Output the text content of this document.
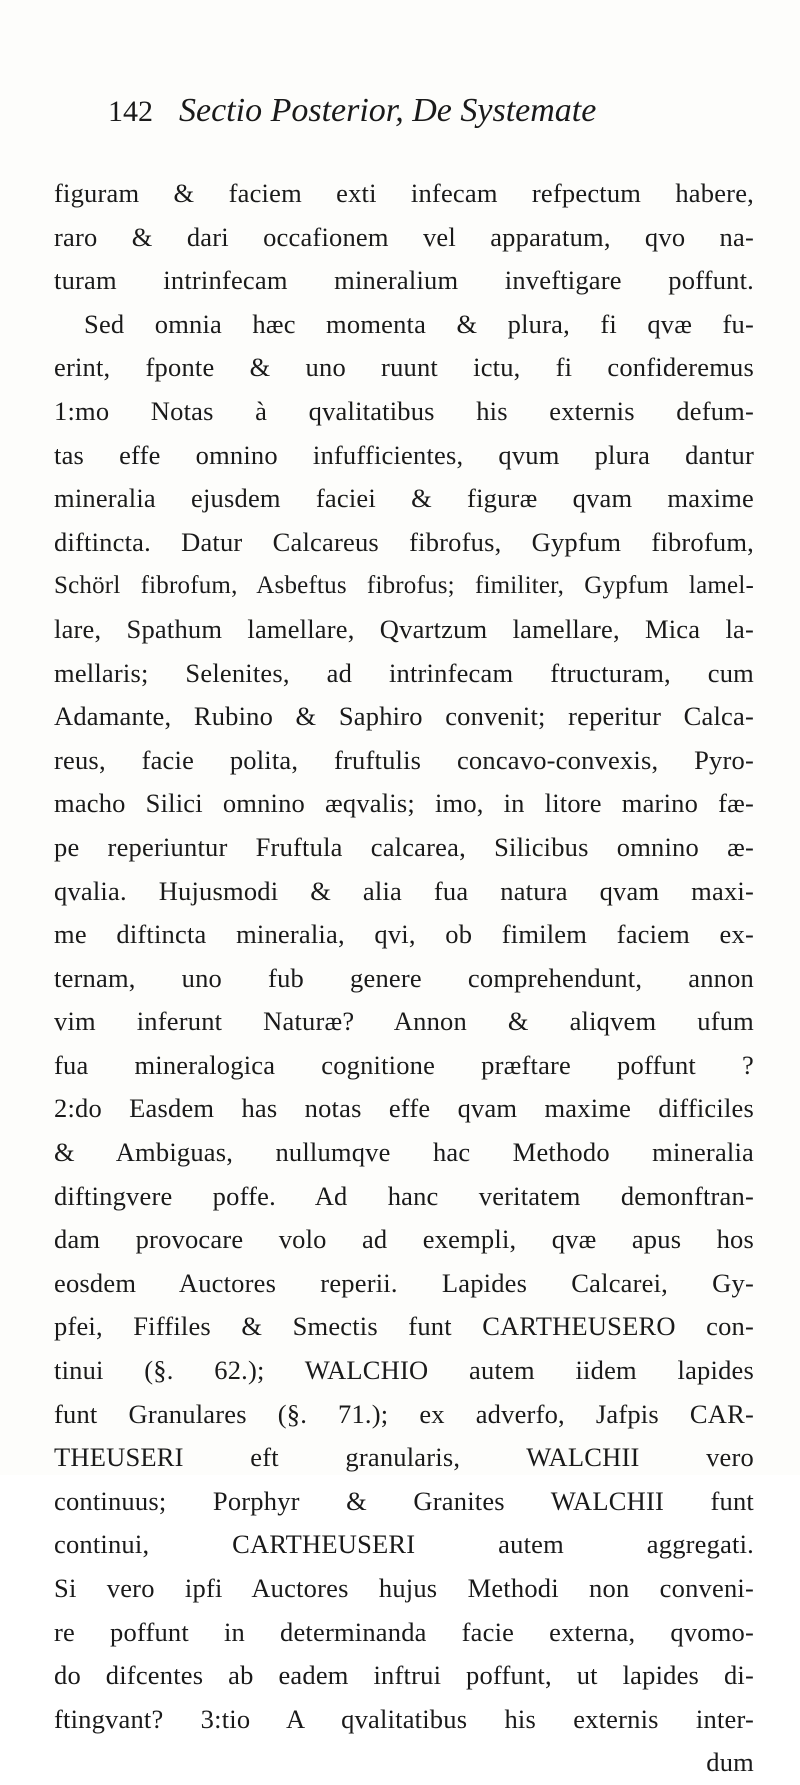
142 Sectio Posterior, De Systemate
figuram & faciem exti infecam refpectum habere,
raro & dari occafionem vel apparatum, qvo na-
turam intrinfecam mineralium inveftigare poffunt.
Sed omnia hæc momenta & plura, fi qvæ fu-
erint, fponte & uno ruunt ictu, fi confideremus
1:mo Notas à qvalitatibus his externis defum-
tas effe omnino infufficientes, qvum plura dantur
mineralia ejusdem faciei & figuræ qvam maxime
diftincta. Datur Calcareus fibrofus, Gypfum fibrofum,
Schörl fibrofum, Asbeftus fibrofus; fimiliter, Gypfum lamel-
lare, Spathum lamellare, Qvartzum lamellare, Mica la-
mellaris; Selenites, ad intrinfecam ftructuram, cum
Adamante, Rubino & Saphiro convenit; reperitur Calca-
reus, facie polita, fruftulis concavo-convexis, Pyro-
macho Silici omnino æqvalis; imo, in litore marino fæ-
pe reperiuntur Fruftula calcarea, Silicibus omnino æ-
qvalia. Hujusmodi & alia fua natura qvam maxi-
me diftincta mineralia, qvi, ob fimilem faciem ex-
ternam, uno fub genere comprehendunt, annon
vim inferunt Naturæ? Annon & aliqvem ufum
fua mineralogica cognitione præftare poffunt ?
2:do Easdem has notas effe qvam maxime difficiles
& Ambiguas, nullumqve hac Methodo mineralia
diftingvere poffe. Ad hanc veritatem demonftran-
dam provocare volo ad exempli, qvæ apus hos
eosdem Auctores reperii. Lapides Calcarei, Gy-
pfei, Fiffiles & Smectis funt CARTHEUSERO con-
tinui (§. 62.); WALCHIO autem iidem lapides
funt Granulares (§. 71.); ex adverfo, Jafpis CAR-
THEUSERI eft granularis, WALCHII vero
continuus; Porphyr & Granites WALCHII funt
continui, CARTHEUSERI autem aggregati.
Si vero ipfi Auctores hujus Methodi non conveni-
re poffunt in determinanda facie externa, qvomo-
do difcentes ab eadem inftrui poffunt, ut lapides di-
ftingvant? 3:tio A qvalitatibus his externis inter-
dum
